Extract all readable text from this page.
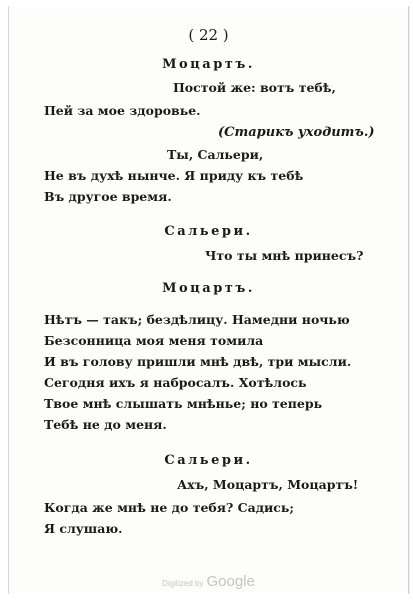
( 22 )
Моцартъ.
Постой же: вотъ тебѣ,
Пей за мое здоровье.
(Старикъ уходитъ.)
Ты, Сальери,
Не въ духѣ нынче. Я приду къ тебѣ
Въ другое время.
Сальери.
Что ты мнѣ принесъ?
Моцартъ.
Нѣтъ — такъ; бездѣлицу. Намедни ночью
Безсонница моя меня томила
И въ голову пришли мнѣ двѣ, три мысли.
Сегодня ихъ я набросалъ. Хотѣлось
Твое мнѣ слышать мнѣнье; но теперь
Тебѣ не до меня.
Сальери.
Ахъ, Моцартъ, Моцартъ!
Когда же мнѣ не до тебя? Садись;
Я слушаю.
Digitized by Google
